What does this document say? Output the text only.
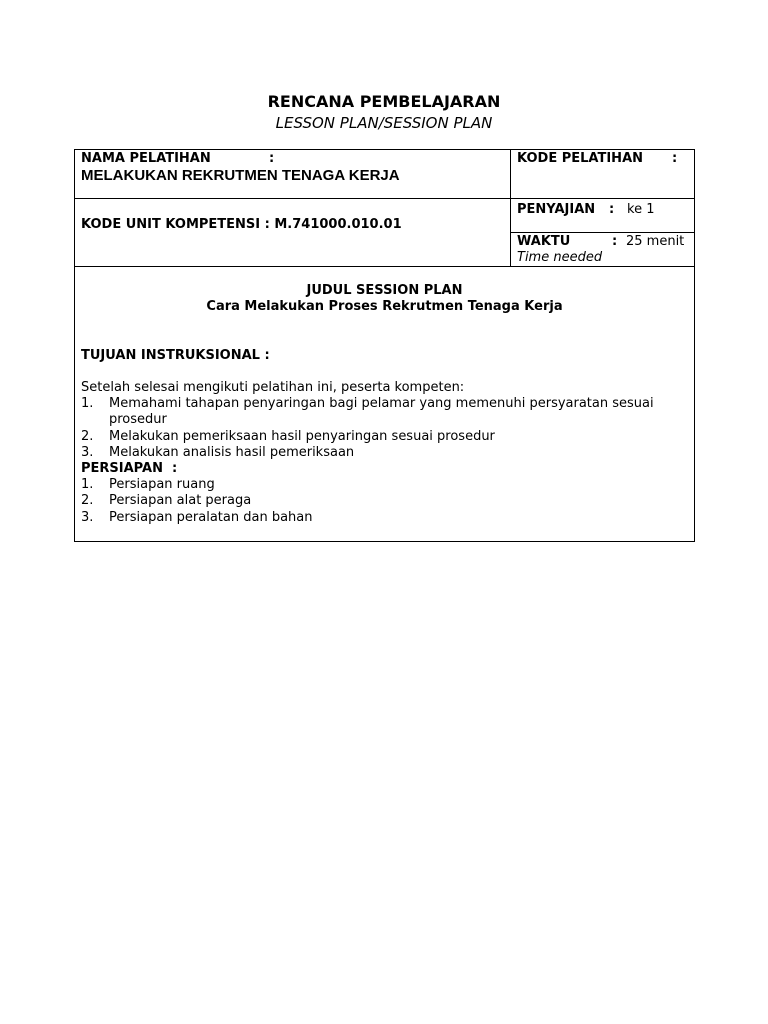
RENCANA PEMBELAJARAN
LESSON PLAN/SESSION PLAN
NAMA PELATIHAN	:
MELAKUKAN REKRUTMEN TENAGA KERJA
KODE PELATIHAN :
KODE UNIT KOMPETENSI : M.741000.010.01
PENYAJIAN : ke 1
WAKTU	: 25 menit
Time needed
JUDUL SESSION PLAN
Cara Melakukan Proses Rekrutmen Tenaga Kerja
TUJUAN INSTRUKSIONAL :
Setelah selesai mengikuti pelatihan ini, peserta kompeten:
1. Memahami tahapan penyaringan bagi pelamar yang memenuhi persyaratan sesuai prosedur
2. Melakukan pemeriksaan hasil penyaringan sesuai prosedur
3. Melakukan analisis hasil pemeriksaan
PERSIAPAN  :
1. Persiapan ruang
2. Persiapan alat peraga
3. Persiapan peralatan dan bahan
